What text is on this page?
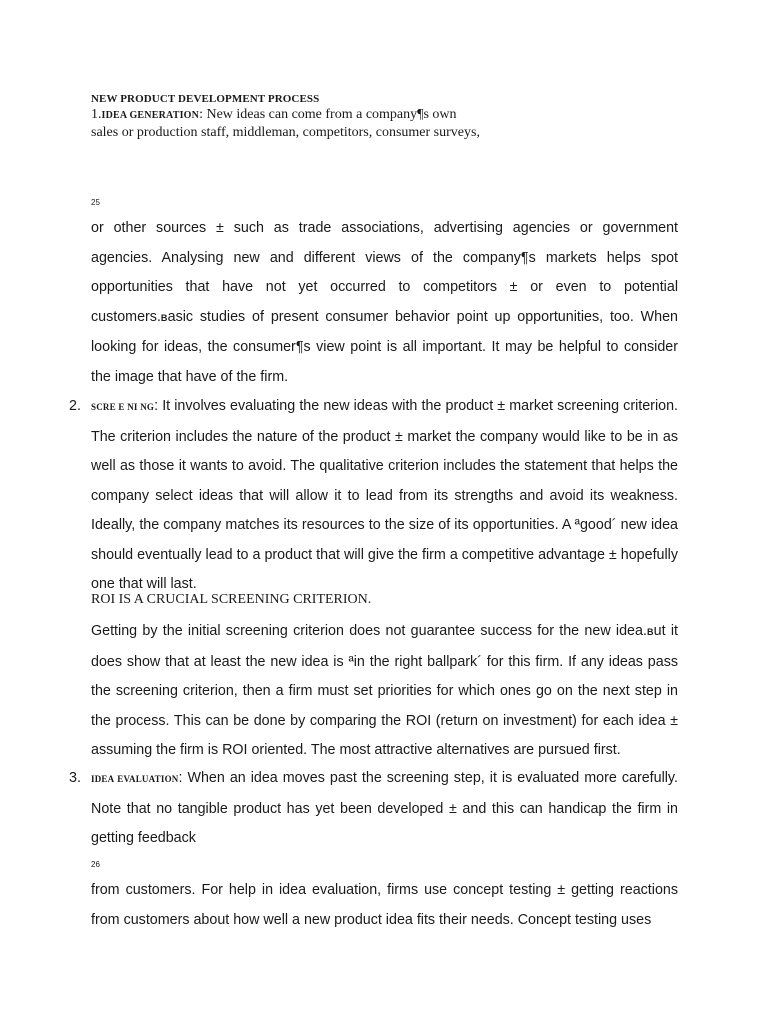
NEW PRODUCT DEVELOPMENT PROCESS
1.IDEA GENERATION: New ideas can come from a company¶s own
sales or production staff, middleman, competitors, consumer surveys,
25
or other sources ± such as trade associations, advertising agencies or government agencies. Analysing new and different views of the company¶s markets helps spot opportunities that have not yet occurred to competitors ± or even to potential customers.Basic studies of present consumer behavior point up opportunities, too. When looking for ideas, the consumer¶s view point is all important. It may be helpful to consider the image that have of the firm.
2. SCRE E NI NG: It involves evaluating the new ideas with the product ± market screening criterion. The criterion includes the nature of the product ± market the company would like to be in as well as those it wants to avoid. The qualitative criterion includes the statement that helps the company select ideas that will allow it to lead from its strengths and avoid its weakness. Ideally, the company matches its resources to the size of its opportunities. A ªgood´ new idea should eventually lead to a product that will give the firm a competitive advantage ± hopefully one that will last.
ROI IS A CRUCIAL SCREENING CRITERION.
Getting by the initial screening criterion does not guarantee success for the new idea.But it does show that at least the new idea is ªin the right ballpark´ for this firm. If any ideas pass the screening criterion, then a firm must set priorities for which ones go on the next step in the process. This can be done by comparing the ROI (return on investment) for each idea ± assuming the firm is ROI oriented. The most attractive alternatives are pursued first.
3. IDEA EVALUATION: When an idea moves past the screening step, it is evaluated more carefully. Note that no tangible product has yet been developed ± and this can handicap the firm in getting feedback
26
from customers. For help in idea evaluation, firms use concept testing ± getting reactions from customers about how well a new product idea fits their needs. Concept testing uses
